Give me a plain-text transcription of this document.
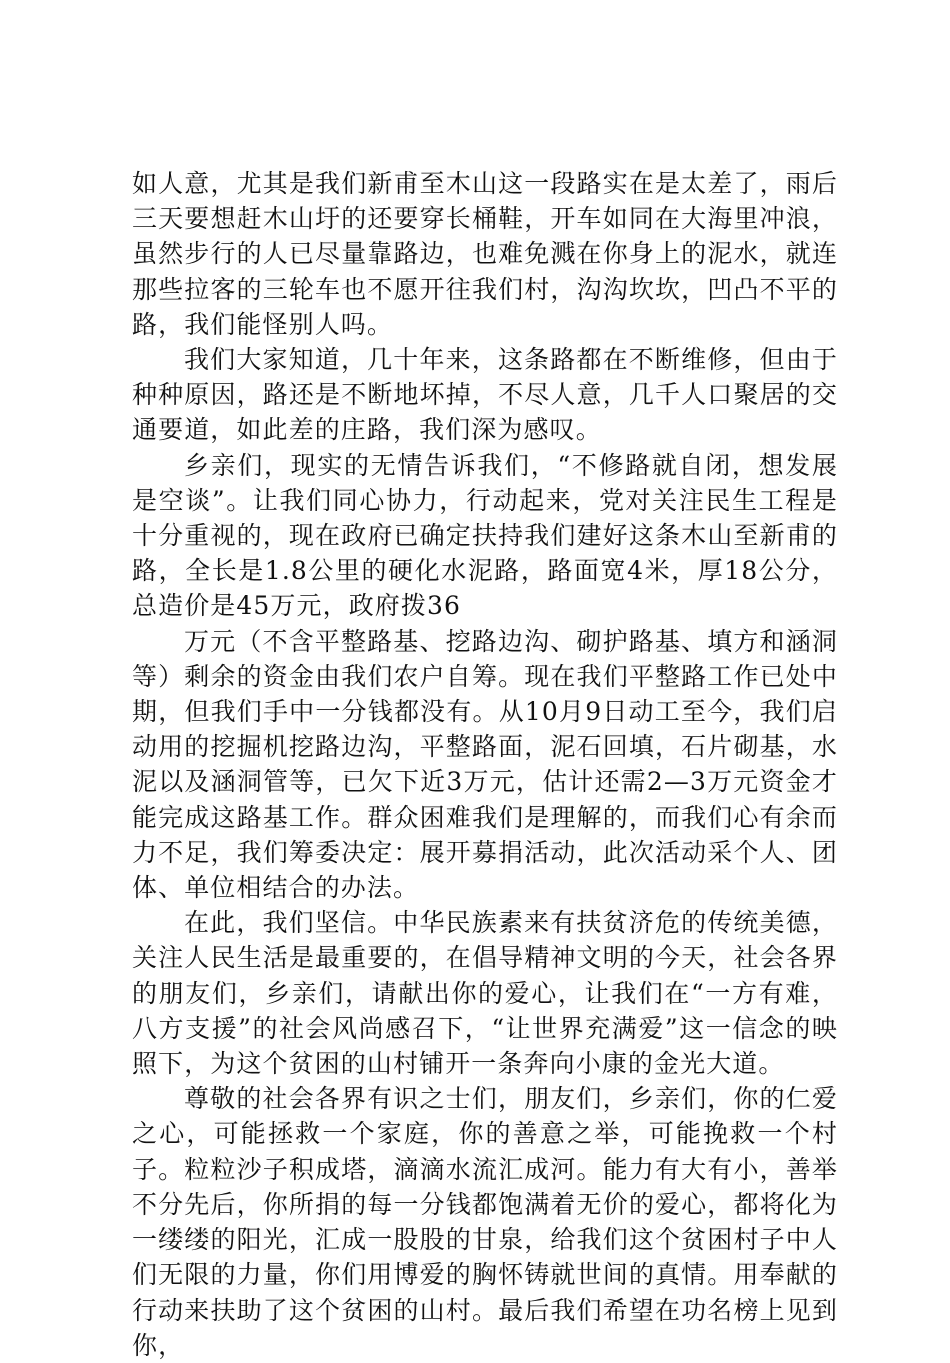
如人意，尤其是我们新甫至木山这一段路实在是太差了，雨后三天要想赶木山圩的还要穿长桶鞋，开车如同在大海里冲浪，虽然步行的人已尽量靠路边，也难免溅在你身上的泥水，就连那些拉客的三轮车也不愿开往我们村，沟沟坎坎，凹凸不平的路，我们能怪别人吗。

我们大家知道，几十年来，这条路都在不断维修，但由于种种原因，路还是不断地坏掉，不尽人意，几千人口聚居的交通要道，如此差的庄路，我们深为感叹。

乡亲们，现实的无情告诉我们，“不修路就自闭，想发展是空谈”。让我们同心协力，行动起来，党对关注民生工程是十分重视的，现在政府已确定扶持我们建好这条木山至新甫的路，全长是1.8公里的硬化水泥路，路面宽4米，厚18公分，总造价是45万元，政府拨36

万元（不含平整路基、挖路边沟、砌护路基、填方和涵洞等）剩余的资金由我们农户自筹。现在我们平整路工作已处中期，但我们手中一分钱都没有。从10月9日动工至今，我们启动用的挖掘机挖路边沟，平整路面，泥石回填，石片砌基，水泥以及涵洞管等，已欠下近3万元，估计还需2—3万元资金才能完成这路基工作。群众困难我们是理解的，而我们心有余而力不足，我们筹委决定：展开募捐活动，此次活动采个人、团体、单位相结合的办法。

在此，我们坚信。中华民族素来有扶贫济危的传统美德，关注人民生活是最重要的，在倡导精神文明的今天，社会各界的朋友们，乡亲们，请献出你的爱心，让我们在“一方有难，八方支援”的社会风尚感召下，“让世界充满爱”这一信念的映照下，为这个贫困的山村铺开一条奔向小康的金光大道。

尊敬的社会各界有识之士们，朋友们，乡亲们，你的仁爱之心，可能拯救一个家庭，你的善意之举，可能挽救一个村子。粒粒沙子积成塔，滴滴水流汇成河。能力有大有小，善举不分先后，你所捐的每一分钱都饱满着无价的爱心，都将化为一缕缕的阳光，汇成一股股的甘泉，给我们这个贫困村子中人们无限的力量，你们用博爱的胸怀铸就世间的真情。用奉献的行动来扶助了这个贫困的山村。最后我们希望在功名榜上见到你，
